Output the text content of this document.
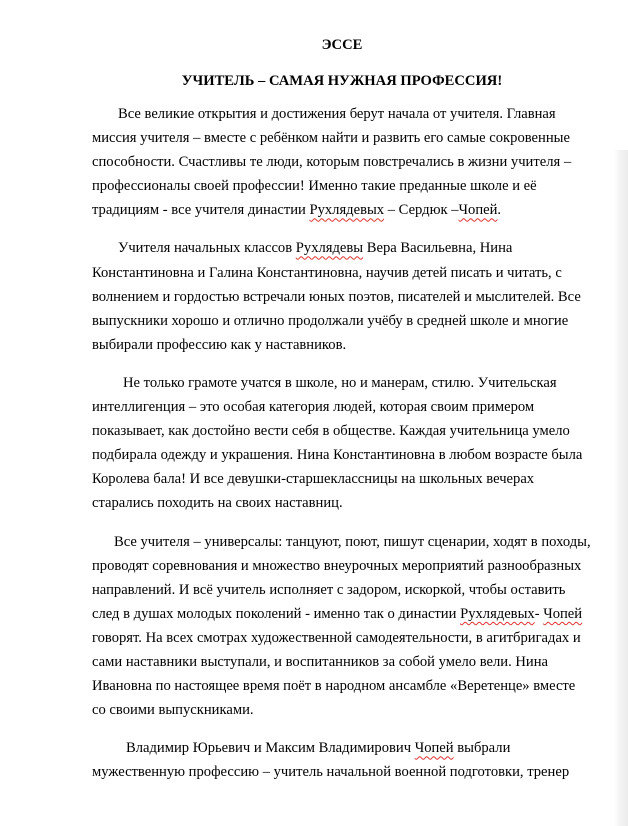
ЭССЕ
УЧИТЕЛЬ – САМАЯ НУЖНАЯ ПРОФЕССИЯ!

Все великие открытия и достижения берут начала от учителя. Главная миссия учителя – вместе с ребёнком найти и развить его самые сокровенные способности. Счастливы те люди, которым повстречались в жизни учителя – профессионалы своей профессии! Именно такие преданные школе и её традициям - все учителя династии Рухлядевых – Сердюк –Чопей.

Учителя начальных классов Рухлядевы Вера Васильевна, Нина Константиновна и Галина Константиновна, научив детей писать и читать, с волнением и гордостью встречали юных поэтов, писателей и мыслителей. Все выпускники хорошо и отлично продолжали учёбу в средней школе и многие выбирали профессию как у наставников.

Не только грамоте учатся в школе, но и манерам, стилю. Учительская интеллигенция – это особая категория людей, которая своим примером показывает, как достойно вести себя в обществе. Каждая учительница умело подбирала одежду и украшения. Нина Константиновна в любом возрасте была Королева бала! И все девушки-старшеклассницы на школьных вечерах старались походить на своих наставниц.

Все учителя – универсалы: танцуют, поют, пишут сценарии, ходят в походы, проводят соревнования и множество внеурочных мероприятий разнообразных направлений. И всё учитель исполняет с задором, искоркой, чтобы оставить след в душах молодых поколений - именно так о династии Рухлядевых- Чопей говорят. На всех смотрах художественной самодеятельности, в агитбригадах и сами наставники выступали, и воспитанников за собой умело вели. Нина Ивановна по настоящее время поёт в народном ансамбле «Веретенце» вместе со своими выпускниками.

Владимир Юрьевич и Максим Владимирович Чопей выбрали мужественную профессию – учитель начальной военной подготовки, тренер
